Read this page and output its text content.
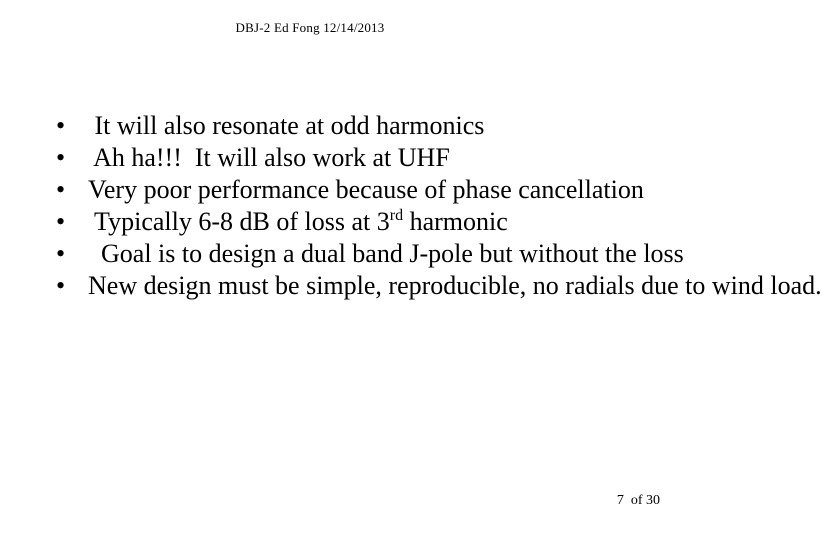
DBJ-2 Ed Fong 12/14/2013
• It will also resonate at odd harmonics
• Ah ha!!!  It will also work at UHF
• Very poor performance because of phase cancellation
• Typically 6-8 dB of loss at 3rd harmonic
• Goal is to design a dual band J-pole but without the loss
• New design must be simple, reproducible, no radials due to wind load.
7  of 30
